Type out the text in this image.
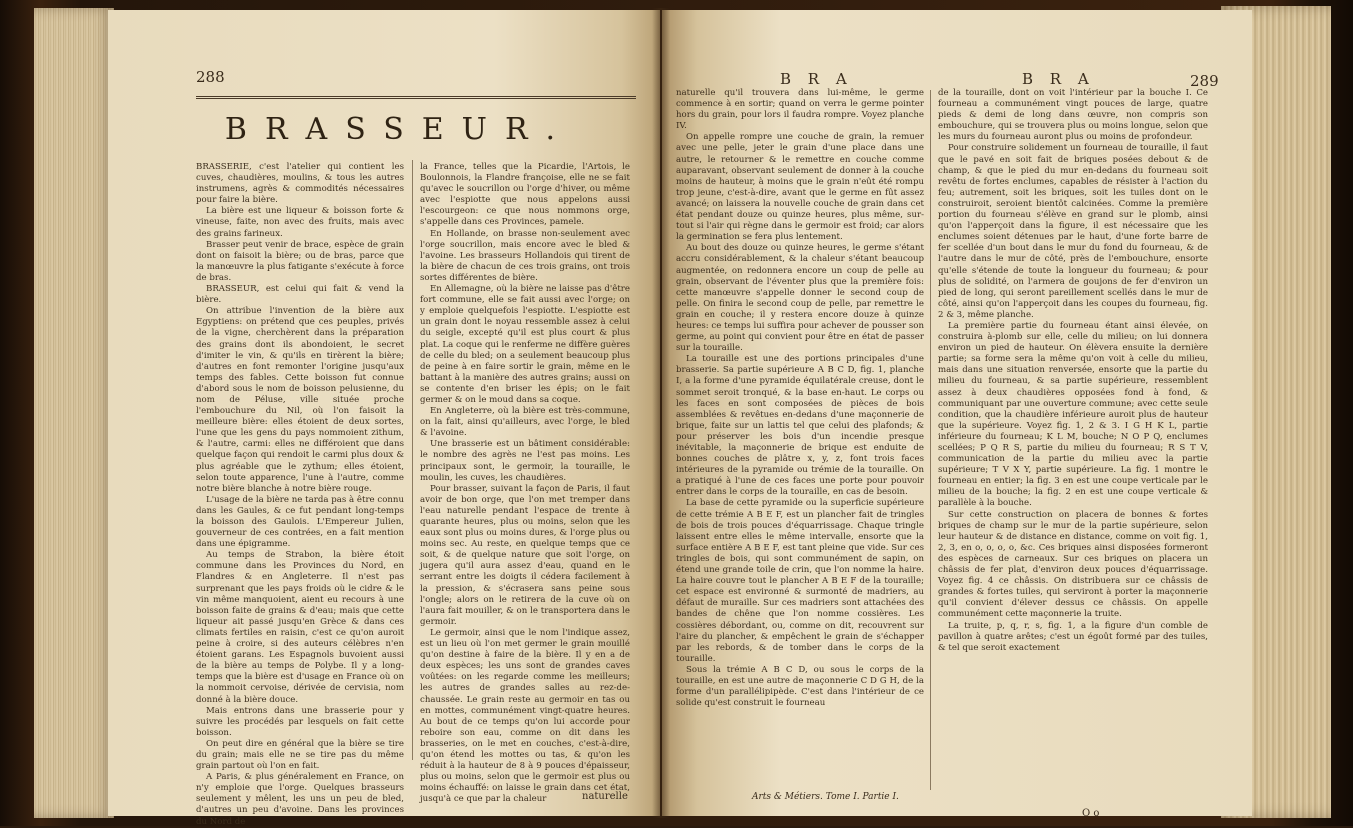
288
BRASSEUR.

BRASSERIE, c'est l'atelier qui contient les cuves, chaudières, moulins, & tous les autres instrumens, agrès & commodités nécessaires pour faire la bière.

La bière est une liqueur & boisson forte & vineuse, faite, non avec des fruits, mais avec des grains farineux.

Brasser peut venir de brace, espèce de grain dont on faisoit la bière; ou de bras, parce que la manœuvre la plus fatigante s'exécute à force de bras.

BRASSEUR, est celui qui fait & vend la bière.

On attribue l'invention de la bière aux Egyptiens: on prétend que ces peuples, privés de la vigne, cherchèrent dans la préparation des grains dont ils abondoient, le secret d'imiter le vin, & qu'ils en tirèrent la bière; d'autres en font remonter l'origine jusqu'aux temps des fables. Cette boisson fut connue d'abord sous le nom de boisson pelusienne, du nom de Péluse, ville située proche l'embouchure du Nil, où l'on faisoit la meilleure bière: elles étoient de deux sortes, l'une que les gens du pays nommoient zithum, & l'autre, carmi: elles ne différoient que dans quelque façon qui rendoit le carmi plus doux & plus agréable que le zythum; elles étoient, selon toute apparence, l'une à l'autre, comme notre bière blanche à notre bière rouge.

L'usage de la bière ne tarda pas à être connu dans les Gaules, & ce fut pendant long-temps la boisson des Gaulois. L'Empereur Julien, gouverneur de ces contrées, en a fait mention dans une épigramme.

Au temps de Strabon, la bière étoit commune dans les Provinces du Nord, en Flandres & en Angleterre. Il n'est pas surprenant que les pays froids où le cidre & le vin même manquoient, aient eu recours à une boisson faite de grains & d'eau; mais que cette liqueur ait passé jusqu'en Grèce & dans ces climats fertiles en raisin, c'est ce qu'on auroit peine à croire, si des auteurs célèbres n'en étoient garans. Les Espagnols buvoient aussi de la bière au temps de Polybe. Il y a long-temps que la bière est d'usage en France où on la nommoit cervoise, dérivée de cervisia, nom donné à la bière douce.

Mais entrons dans une brasserie pour y suivre les procédés par lesquels on fait cette boisson.

On peut dire en général que la bière se tire du grain; mais elle ne se tire pas du même grain partout où l'on en fait.

A Paris, & plus généralement en France, on n'y emploie que l'orge. Quelques brasseurs seulement y mêlent, les uns un peu de bled, d'autres un peu d'avoine. Dans les provinces du Nord de

la France, telles que la Picardie, l'Artois, le Boulonnois, la Flandre françoise, elle ne se fait qu'avec le soucrillon ou l'orge d'hiver, ou même avec l'espiotte que nous appelons aussi l'escourgeon: ce que nous nommons orge, s'appelle dans ces Provinces, pamele.

En Hollande, on brasse non-seulement avec l'orge soucrillon, mais encore avec le bled & l'avoine. Les brasseurs Hollandois qui tirent de la bière de chacun de ces trois grains, ont trois sortes différentes de bière.

En Allemagne, où la bière ne laisse pas d'être fort commune, elle se fait aussi avec l'orge; on y emploie quelquefois l'espiotte. L'espiotte est un grain dont le noyau ressemble assez à celui du seigle, excepté qu'il est plus court & plus plat. La coque qui le renferme ne diffère guères de celle du bled; on a seulement beaucoup plus de peine à en faire sortir le grain, même en le battant à la manière des autres grains; aussi on se contente d'en briser les épis; on le fait germer & on le moud dans sa coque.

En Angleterre, où la bière est très-commune, on la fait, ainsi qu'ailleurs, avec l'orge, le bled & l'avoine.

Une brasserie est un bâtiment considérable: le nombre des agrès ne l'est pas moins. Les principaux sont, le germoir, la touraille, le moulin, les cuves, les chaudières.

Pour brasser, suivant la façon de Paris, il faut avoir de bon orge, que l'on met tremper dans l'eau naturelle pendant l'espace de trente à quarante heures, plus ou moins, selon que les eaux sont plus ou moins dures, & l'orge plus ou moins sec. Au reste, en quelque temps que ce soit, & de quelque nature que soit l'orge, on jugera qu'il aura assez d'eau, quand en le serrant entre les doigts il cédera facilement à la pression, & s'écrasera sans peine sous l'ongle; alors on le retirera de la cuve où on l'aura fait mouiller, & on le transportera dans le germoir.

Le germoir, ainsi que le nom l'indique assez, est un lieu où l'on met germer le grain mouillé qu'on destine à faire de la bière. Il y en a de deux espèces; les uns sont de grandes caves voûtées: on les regarde comme les meilleurs; les autres de grandes salles au rez-de-chaussée. Le grain reste au germoir en tas ou en mottes, communément vingt-quatre heures. Au bout de ce temps qu'on lui accorde pour reboire son eau, comme on dit dans les brasseries, on le met en couches, c'est-à-dire, qu'on étend les mottes ou tas, & qu'on les réduit à la hauteur de 8 à 9 pouces d'épaisseur, plus ou moins, selon que le germoir est plus ou moins échauffé: on laisse le grain dans cet état, jusqu'à ce que par la chaleur	naturelle
B R A	B R A	289

naturelle qu'il trouvera dans lui-même, le germe commence à en sortir; quand on verra le germe pointer hors du grain, pour lors il faudra rompre. Voyez planche IV.

On appelle rompre une couche de grain, la remuer avec une pelle, jeter le grain d'une place dans une autre, le retourner & le remettre en couche comme auparavant, observant seulement de donner à la couche moins de hauteur, à moins que le grain n'eût été rompu trop jeune, c'est-à-dire, avant que le germe en fût assez avancé; on laissera la nouvelle couche de grain dans cet état pendant douze ou quinze heures, plus même, sur-tout si l'air qui règne dans le germoir est froid; car alors la germination se fera plus lentement.

Au bout des douze ou quinze heures, le germe s'étant accru considérablement, & la chaleur s'étant beaucoup augmentée, on redonnera encore un coup de pelle au grain, observant de l'éventer plus que la première fois: cette manœuvre s'appelle donner le second coup de pelle. On finira le second coup de pelle, par remettre le grain en couche; il y restera encore douze à quinze heures: ce temps lui suffira pour achever de pousser son germe, au point qui convient pour être en état de passer sur la touraille.

La touraille est une des portions principales d'une brasserie. Sa partie supérieure A B C D, fig. 1, planche I, a la forme d'une pyramide équilatérale creuse, dont le sommet seroit tronqué, & la base en-haut. Le corps ou les faces en sont composées de pièces de bois assemblées & revêtues en-dedans d'une maçonnerie de brique, faite sur un lattis tel que celui des plafonds; & pour préserver les bois d'un incendie presque inévitable, la maçonnerie de brique est enduite de bonnes couches de plâtre x, y, z, font trois faces intérieures de la pyramide ou trémie de la touraille. On a pratiqué à l'une de ces faces une porte pour pouvoir entrer dans le corps de la touraille, en cas de besoin.

La base de cette pyramide ou la superficie supérieure de cette trémie A B E F, est un plancher fait de tringles de bois de trois pouces d'équarrissage. Chaque tringle laissent entre elles le même intervalle, ensorte que la surface entière A B E F, est tant pleine que vide. Sur ces tringles de bois, qui sont communément de sapin, on étend une grande toile de crin, que l'on nomme la haire. La haire couvre tout le plancher A B E F de la touraille; cet espace est environné & surmonté de madriers, au défaut de muraille. Sur ces madriers sont attachées des bandes de chêne que l'on nomme cossières. Les cossières débordant, ou, comme on dit, recouvrent sur l'aire du plancher, & empêchent le grain de s'échapper par les rebords, & de tomber dans le corps de la touraille.

Sous la trémie A B C D, ou sous le corps de la touraille, en est une autre de maçonnerie C D G H, de la forme d'un parallélipipède. C'est dans l'intérieur de ce solide qu'est construit le fourneau

de la touraille, dont on voit l'intérieur par la bouche I. Ce fourneau a communément vingt pouces de large, quatre pieds & demi de long dans œuvre, non compris son embouchure, qui se trouvera plus ou moins longue, selon que les murs du fourneau auront plus ou moins de profondeur.

Pour construire solidement un fourneau de touraille, il faut que le pavé en soit fait de briques posées debout & de champ, & que le pied du mur en-dedans du fourneau soit revêtu de fortes enclumes, capables de résister à l'action du feu; autrement, soit les briques, soit les tuiles dont on le construiroit, seroient bientôt calcinées. Comme la première portion du fourneau s'élève en grand sur le plomb, ainsi qu'on l'apperçoit dans la figure, il est nécessaire que les enclumes soient détenues par le haut, d'une forte barre de fer scellée d'un bout dans le mur du fond du fourneau, & de l'autre dans le mur de côté, près de l'embouchure, ensorte qu'elle s'étende de toute la longueur du fourneau; & pour plus de solidité, on l'armera de goujons de fer d'environ un pied de long, qui seront pareillement scellés dans le mur de côté, ainsi qu'on l'apperçoit dans les coupes du fourneau, fig. 2 & 3, même planche.

La première partie du fourneau étant ainsi élevée, on construira à-plomb sur elle, celle du milieu; on lui donnera environ un pied de hauteur. On élèvera ensuite la dernière partie; sa forme sera la même qu'on voit à celle du milieu, mais dans une situation renversée, ensorte que la partie du milieu du fourneau, & sa partie supérieure, ressemblent assez à deux chaudières opposées fond à fond, & communiquant par une ouverture commune; avec cette seule condition, que la chaudière inférieure auroit plus de hauteur que la supérieure. Voyez fig. 1, 2 & 3. I G H K L, partie inférieure du fourneau; K L M, bouche; N O P Q, enclumes scellées; P Q R S, partie du milieu du fourneau; R S T V, communication de la partie du milieu avec la partie supérieure; T V X Y, partie supérieure. La fig. 1 montre le fourneau en entier; la fig. 3 en est une coupe verticale par le milieu de la bouche; la fig. 2 en est une coupe verticale & parallèle à la bouche.

Sur cette construction on placera de bonnes & fortes briques de champ sur le mur de la partie supérieure, selon leur hauteur & de distance en distance, comme on voit fig. 1, 2, 3, en o, o, o, o, &c. Ces briques ainsi disposées formeront des espèces de carneaux. Sur ces briques on placera un châssis de fer plat, d'environ deux pouces d'équarrissage. Voyez fig. 4 ce châssis. On distribuera sur ce châssis de grandes & fortes tuiles, qui serviront à porter la maçonnerie qu'il convient d'élever dessus ce châssis. On appelle communément cette maçonnerie la truite.

La truite, p, q, r, s, fig. 1, a la figure d'un comble de pavillon à quatre arêtes; c'est un égoût formé par des tuiles, & tel que seroit exactement

Arts & Métiers. Tome I. Partie I.
O o
